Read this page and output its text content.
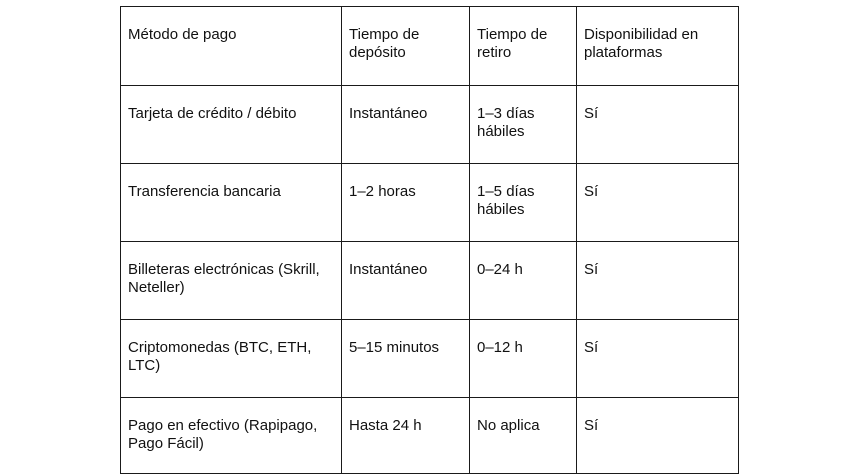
Método de pago	Tiempo de depósito	Tiempo de retiro	Disponibilidad en plataformas
Tarjeta de crédito / débito	Instantáneo	1–3 días hábiles	Sí
Transferencia bancaria	1–2 horas	1–5 días hábiles	Sí
Billeteras electrónicas (Skrill, Neteller)	Instantáneo	0–24 h	Sí
Criptomonedas (BTC, ETH, LTC)	5–15 minutos	0–12 h	Sí
Pago en efectivo (Rapipago, Pago Fácil)	Hasta 24 h	No aplica	Sí
